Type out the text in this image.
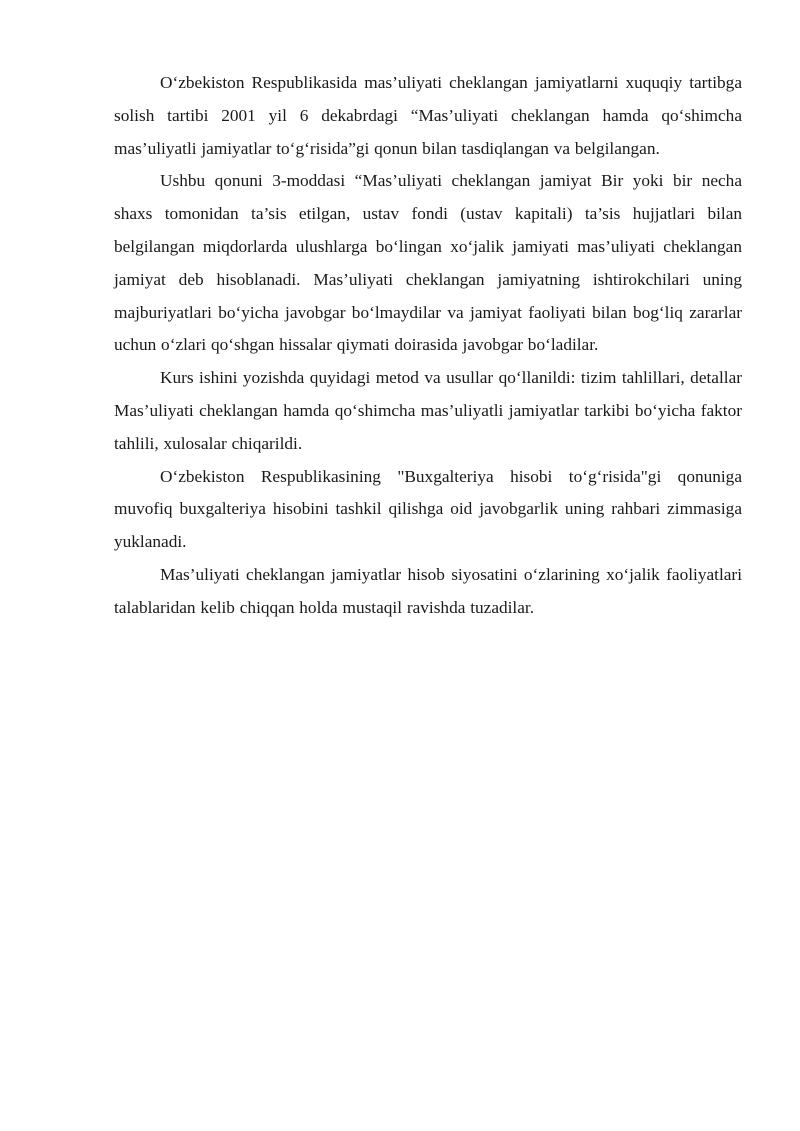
O‘zbekiston Respublikasida mas’uliyati cheklangan jamiyatlarni xuquqiy tartibga solish tartibi 2001 yil 6 dekabrdagi “Mas’uliyati cheklangan hamda qo‘shimcha mas’uliyatli jamiyatlar to‘g‘risida”gi qonun bilan tasdiqlangan va belgilangan.

Ushbu qonuni 3-moddasi “Mas’uliyati cheklangan jamiyat Bir yoki bir necha shaxs tomonidan ta’sis etilgan, ustav fondi (ustav kapitali) ta’sis hujjatlari bilan belgilangan miqdorlarda ulushlarga bo‘lingan xo‘jalik jamiyati mas’uliyati cheklangan jamiyat deb hisoblanadi. Mas’uliyati cheklangan jamiyatning ishtirokchilari uning majburiyatlari bo‘yicha javobgar bo‘lmaydilar va jamiyat faoliyati bilan bog‘liq zararlar uchun o‘zlari qo‘shgan hissalar qiymati doirasida javobgar bo‘ladilar.

Kurs ishini yozishda quyidagi metod va usullar qo‘llanildi: tizim tahlillari, detallar Mas’uliyati cheklangan hamda qo‘shimcha mas’uliyatli jamiyatlar tarkibi bo‘yicha faktor tahlili, xulosalar chiqarildi.

O‘zbekiston Respublikasining "Buxgalteriya hisobi to‘g‘risida"gi qonuniga muvofiq buxgalteriya hisobini tashkil qilishga oid javobgarlik uning rahbari zimmasiga yuklanadi.

Mas’uliyati cheklangan jamiyatlar hisob siyosatini o‘zlarining xo‘jalik faoliyatlari talablaridan kelib chiqqan holda mustaqil ravishda tuzadilar.
